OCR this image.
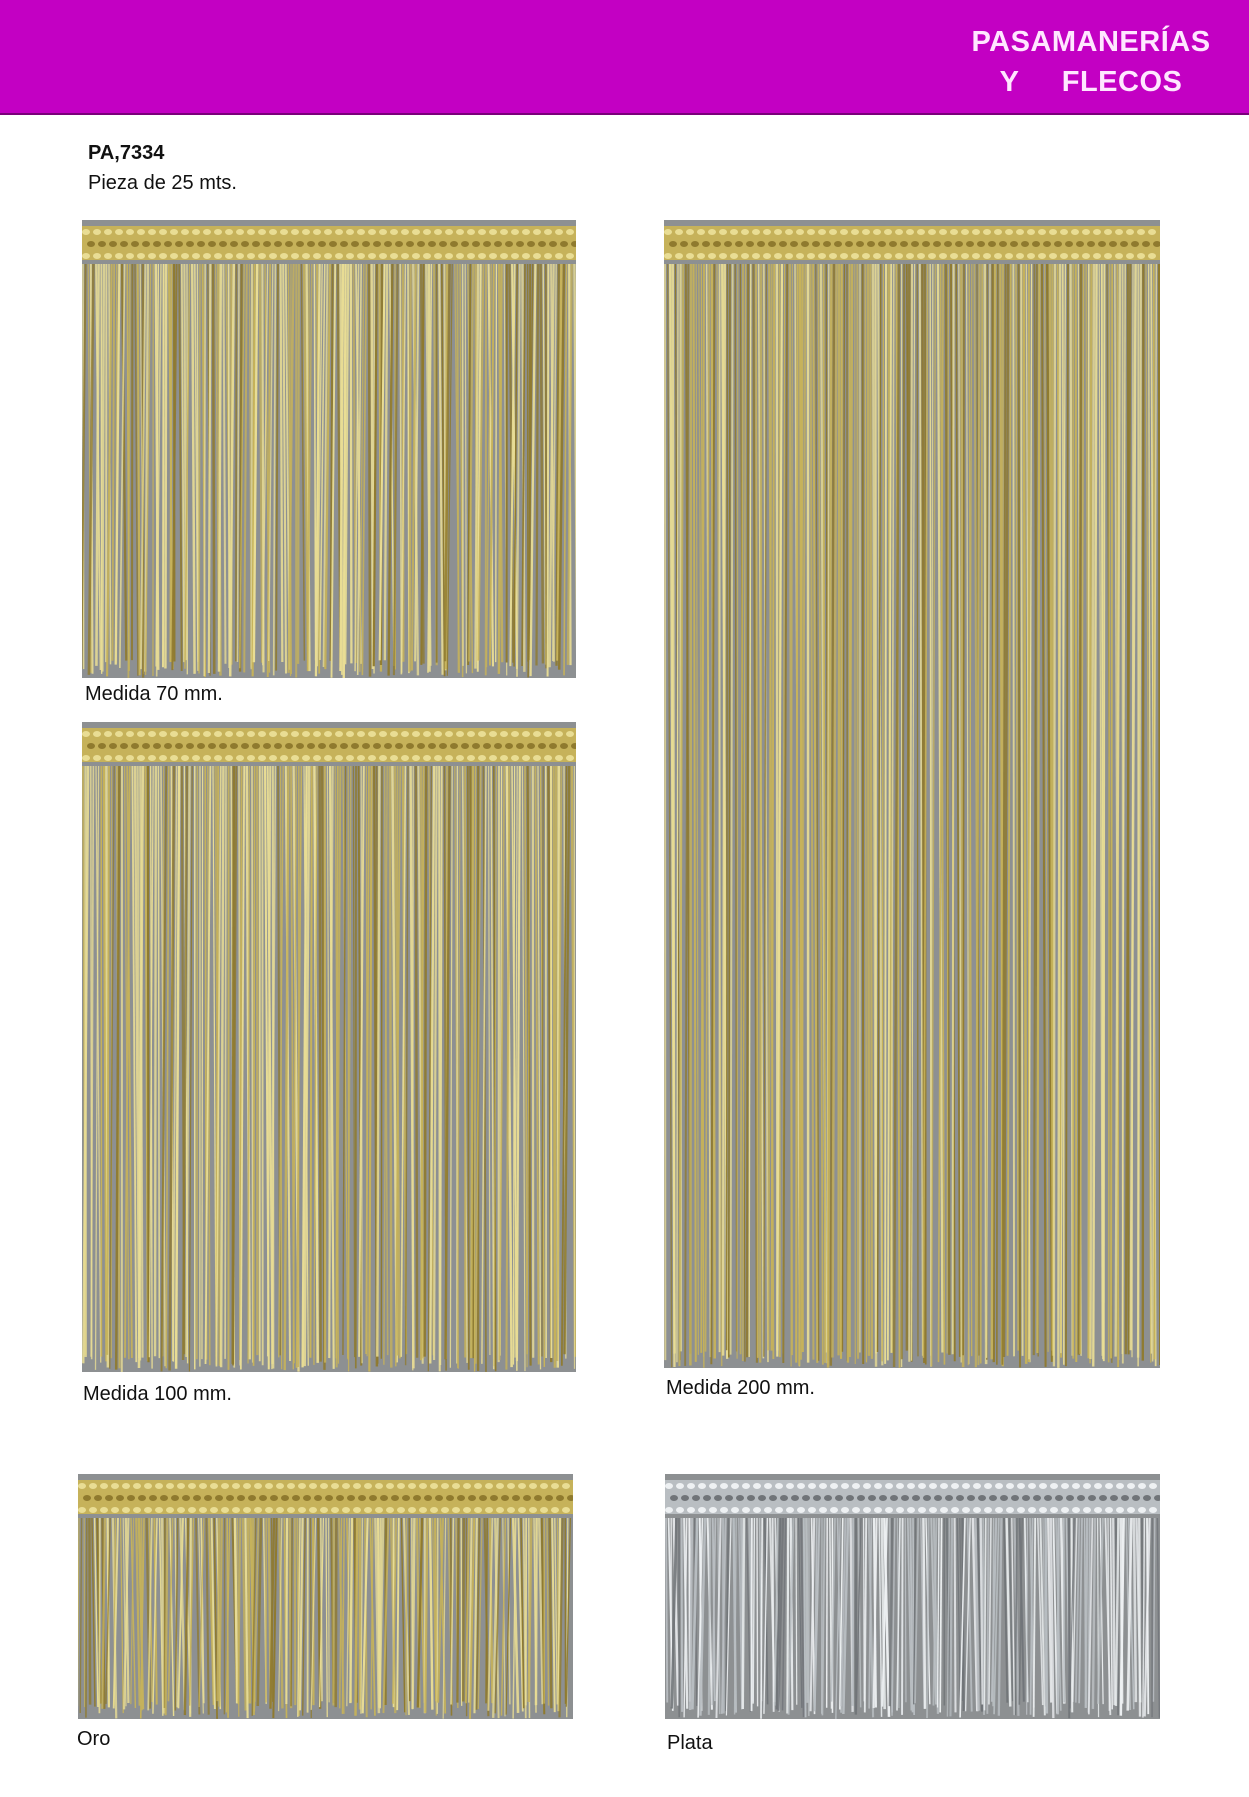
PASAMANERÍAS
Y     FLECOS
PA,7334
Pieza de 25 mts.
Medida 70 mm.
Medida 100 mm.	Medida 200 mm.
Oro	Plata
